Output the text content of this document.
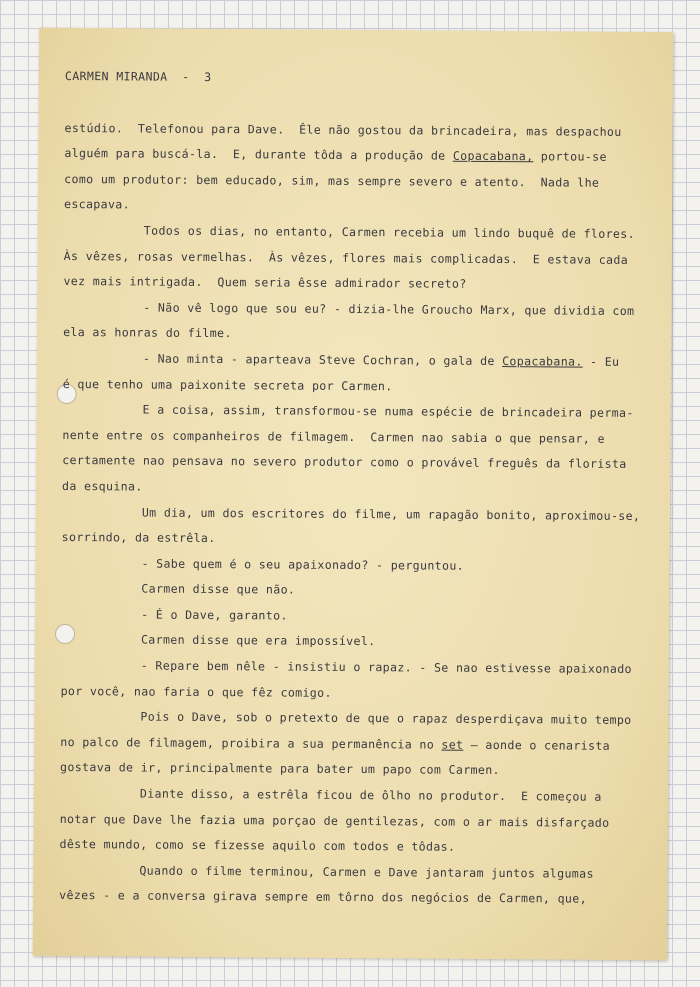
CARMEN MIRANDA  -  3
estúdio.  Telefonou para Dave.  Êle não gostou da brincadeira, mas despachou
alguém para buscá-la.  E, durante tôda a produção de Copacabana, portou-se
como um produtor: bem educado, sim, mas sempre severo e atento.  Nada lhe
escapava.
Todos os dias, no entanto, Carmen recebia um lindo buquê de flores.
Às vêzes, rosas vermelhas.  Às vêzes, flores mais complicadas.  E estava cada
vez mais intrigada.  Quem seria êsse admirador secreto?
- Não vê logo que sou eu? - dizia-lhe Groucho Marx, que dividia com
ela as honras do filme.
- Nao minta - aparteava Steve Cochran, o gala de Copacabana. - Eu
é que tenho uma paixonite secreta por Carmen.
E a coisa, assim, transformou-se numa espécie de brincadeira perma-
nente entre os companheiros de filmagem.  Carmen nao sabia o que pensar, e
certamente nao pensava no severo produtor como o provável freguês da florista
da esquina.
Um dia, um dos escritores do filme, um rapagão bonito, aproximou-se,
sorrindo, da estrêla.
- Sabe quem é o seu apaixonado? - perguntou.
Carmen disse que não.
- É o Dave, garanto.
Carmen disse que era impossível.
- Repare bem nêle - insistiu o rapaz. - Se nao estivesse apaixonado
por você, nao faria o que fêz comigo.
Pois o Dave, sob o pretexto de que o rapaz desperdiçava muito tempo
no palco de filmagem, proibira a sua permanência no set — aonde o cenarista
gostava de ir, principalmente para bater um papo com Carmen.
Diante disso, a estrêla ficou de ôlho no produtor.  E começou a
notar que Dave lhe fazia uma porçao de gentilezas, com o ar mais disfarçado
dêste mundo, como se fizesse aquilo com todos e tôdas.
Quando o filme terminou, Carmen e Dave jantaram juntos algumas
vêzes - e a conversa girava sempre em tôrno dos negócios de Carmen, que,
